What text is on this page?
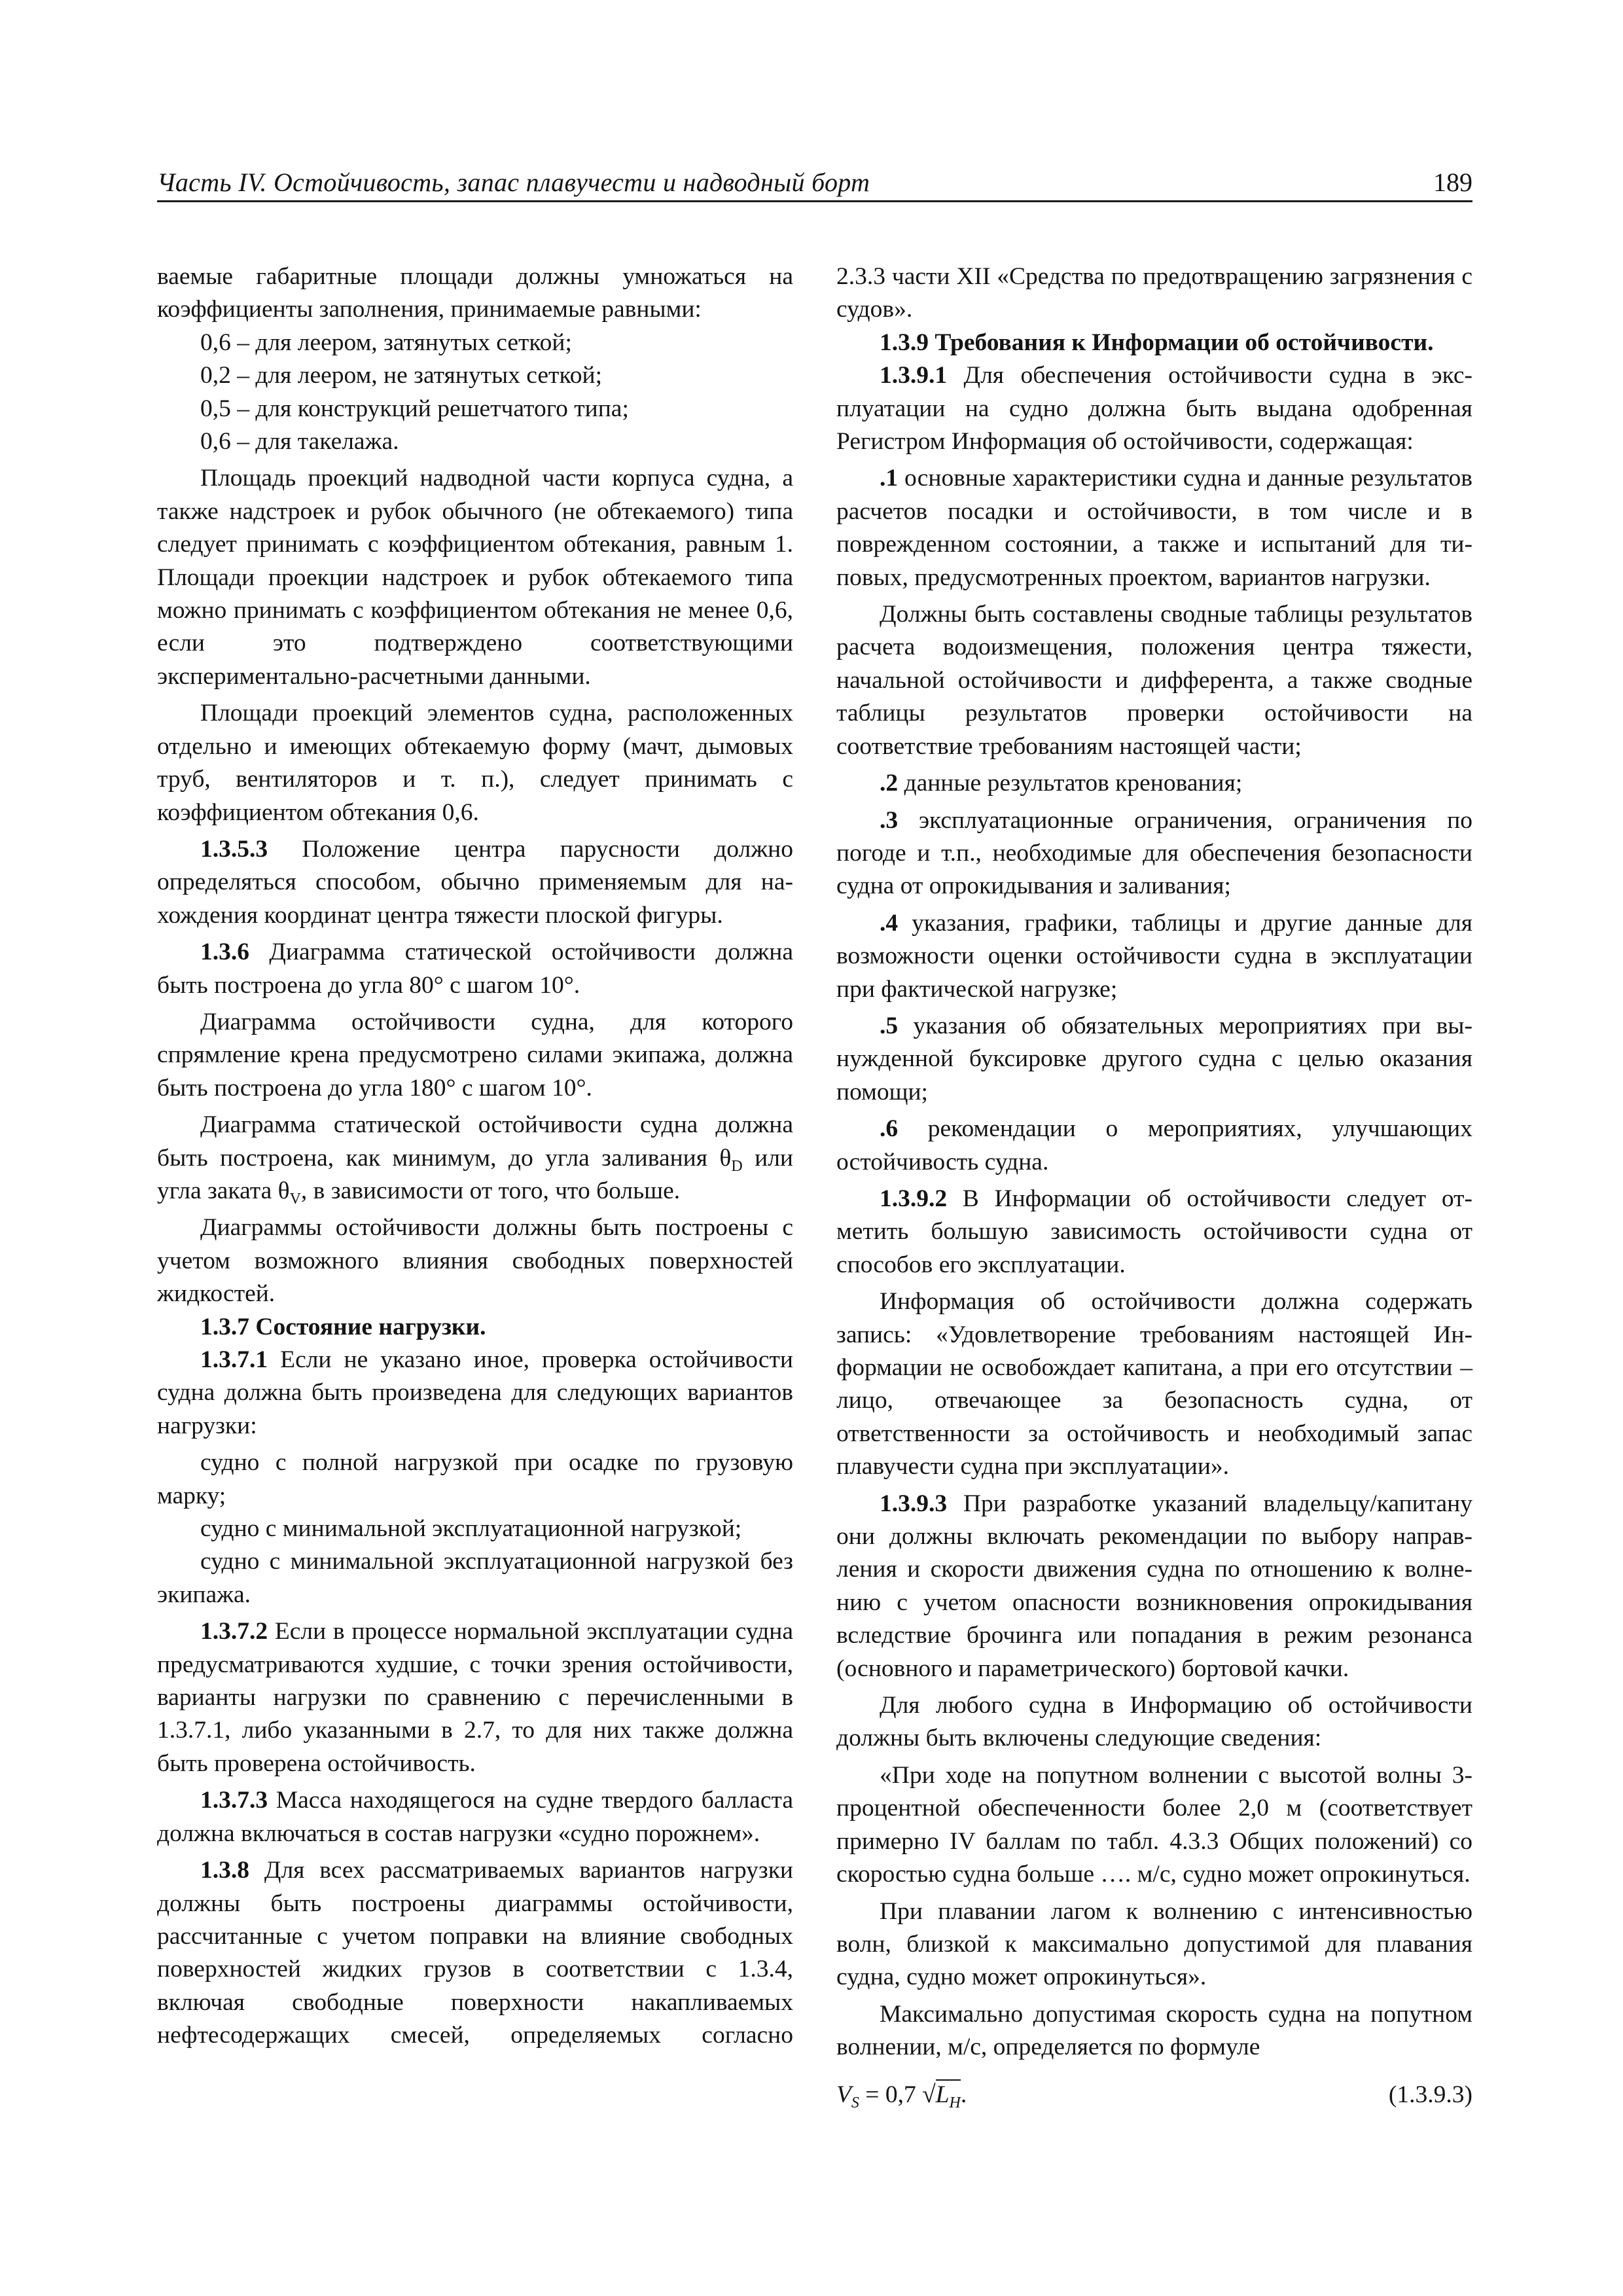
Часть IV. Остойчивость, запас плавучести и надводный борт	189

ваемые габаритные площади должны умножаться на коэффициенты заполнения, принимаемые равными:

0,6 – для леером, затянутых сеткой;

0,2 – для леером, не затянутых сеткой;

0,5 – для конструкций решетчатого типа;

0,6 – для такелажа.

Площадь проекций надводной части корпуса судна, а также надстроек и рубок обычного (не обтекаемого) типа следует принимать с коэффициентом обтекания, равным 1. Площади проекции надстроек и рубок обтекаемого типа можно принимать с коэффициентом обтекания не менее 0,6, если это подтверждено соответствующими экспериментально-расчетными данными.

Площади проекций элементов судна, расположенных отдельно и имеющих обтекаемую форму (мачт, дымовых труб, вентиляторов и т. п.), следует принимать с коэффициентом обтекания 0,6.

1.3.5.3 Положение центра парусности должно определяться способом, обычно применяемым для нахождения координат центра тяжести плоской фигуры.

1.3.6 Диаграмма статической остойчивости должна быть построена до угла 80° с шагом 10°.

Диаграмма остойчивости судна, для которого спрямление крена предусмотрено силами экипажа, должна быть построена до угла 180° с шагом 10°.

Диаграмма статической остойчивости судна должна быть построена, как минимум, до угла заливания $\theta_D$ или угла заката $\theta_V$, в зависимости от того, что больше.

Диаграммы остойчивости должны быть построены с учетом возможного влияния свободных поверхностей жидкостей.

1.3.7 Состояние нагрузки.

1.3.7.1 Если не указано иное, проверка остойчивости судна должна быть произведена для следующих вариантов нагрузки:

судно с полной нагрузкой при осадке по грузовую марку;

судно с минимальной эксплуатационной нагрузкой;

судно с минимальной эксплуатационной нагрузкой без экипажа.

1.3.7.2 Если в процессе нормальной эксплуатации судна предусматриваются худшие, с точки зрения остойчивости, варианты нагрузки по сравнению с перечисленными в 1.3.7.1, либо указанными в 2.7, то для них также должна быть проверена остойчивость.

1.3.7.3 Масса находящегося на судне твердого балласта должна включаться в состав нагрузки «судно порожнем».

1.3.8 Для всех рассматриваемых вариантов нагрузки должны быть построены диаграммы остойчивости, рассчитанные с учетом поправки на влияние свободных поверхностей жидких грузов в соответствии с 1.3.4, включая свободные поверхности накапливаемых нефтесодержащих смесей, определяемых согласно

2.3.3 части XII «Средства по предотвращению загрязнения с судов».

1.3.9 Требования к Информации об остойчивости.

1.3.9.1 Для обеспечения остойчивости судна в эксплуатации на судно должна быть выдана одобренная Регистром Информация об остойчивости, содержащая:

.1 основные характеристики судна и данные результатов расчетов посадки и остойчивости, в том числе и в поврежденном состоянии, а также и испытаний для типовых, предусмотренных проектом, вариантов нагрузки.

Должны быть составлены сводные таблицы результатов расчета водоизмещения, положения центра тяжести, начальной остойчивости и дифферента, а также сводные таблицы результатов проверки остойчивости на соответствие требованиям настоящей части;

.2 данные результатов кренования;

.3 эксплуатационные ограничения, ограничения по погоде и т.п., необходимые для обеспечения безопасности судна от опрокидывания и заливания;

.4 указания, графики, таблицы и другие данные для возможности оценки остойчивости судна в эксплуатации при фактической нагрузке;

.5 указания об обязательных мероприятиях при вынужденной буксировке другого судна с целью оказания помощи;

.6 рекомендации о мероприятиях, улучшающих остойчивость судна.

1.3.9.2 В Информации об остойчивости следует отметить большую зависимость остойчивости судна от способов его эксплуатации.

Информация об остойчивости должна содержать запись: «Удовлетворение требованиям настоящей Информации не освобождает капитана, а при его отсутствии – лицо, отвечающее за безопасность судна, от ответственности за остойчивость и необходимый запас плавучести судна при эксплуатации».

1.3.9.3 При разработке указаний владельцу/капитану они должны включать рекомендации по выбору направления и скорости движения судна по отношению к волнению с учетом опасности возникновения опрокидывания вследствие брочинга или попадания в режим резонанса (основного и параметрического) бортовой качки.

Для любого судна в Информацию об остойчивости должны быть включены следующие сведения:

«При ходе на попутном волнении с высотой волны 3-процентной обеспеченности более 2,0 м (соответствует примерно IV баллам по табл. 4.3.3 Общих положений) со скоростью судна больше …. м/с, судно может опрокинуться.

При плавании лагом к волнению с интенсивностью волн, близкой к максимально допустимой для плавания судна, судно может опрокинуться».

Максимально допустимая скорость судна на попутном волнении, м/с, определяется по формуле

$V_S = 0,7$ $√L_H$.	(1.3.9.3)
